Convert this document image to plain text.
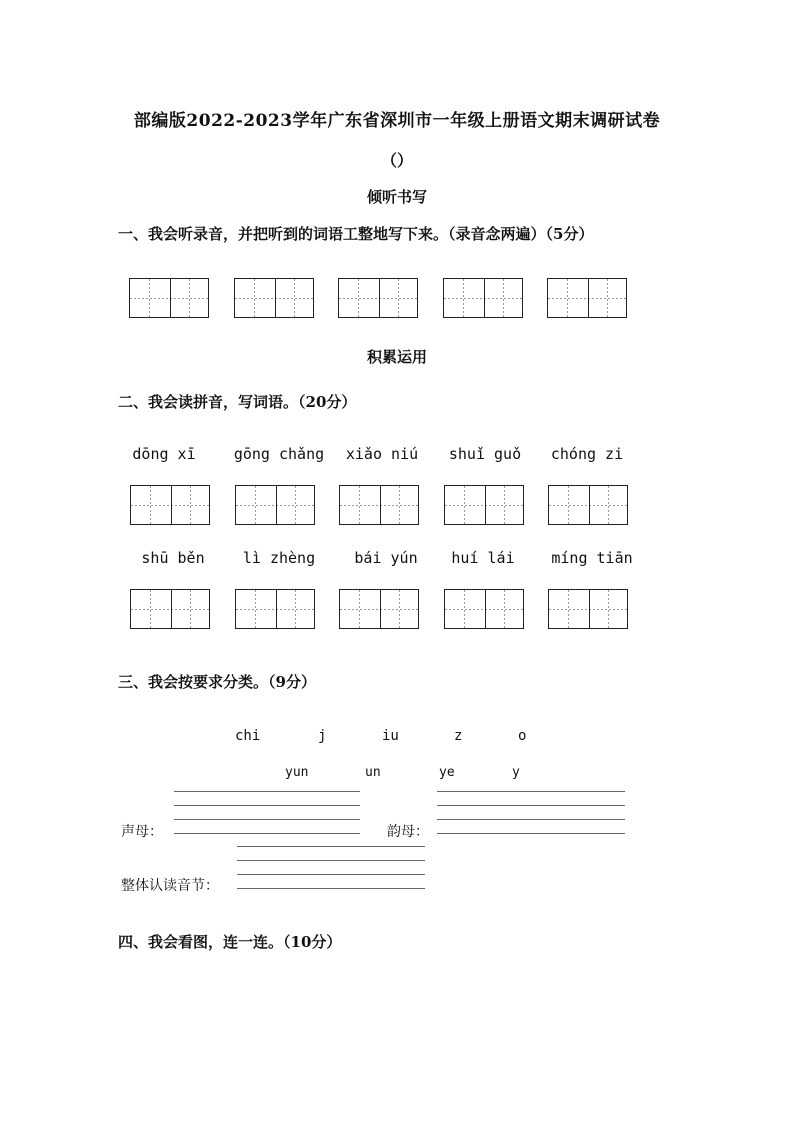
部编版2022-2023学年广东省深圳市一年级上册语文期末调研试卷
（）
倾听书写
一、我会听录音，并把听到的词语工整地写下来。（录音念两遍）（5分）
积累运用
二、我会读拼音，写词语。（20分）
dōng xī	gōng chǎng	xiǎo niú	shuǐ guǒ	chóng zi
shū běn	lì zhèng	bái yún	huí lái	míng tiān
三、我会按要求分类。（9分）
chi	j	iu	z	o
yun	un	ye	y
声母：	韵母：
整体认读音节：
四、我会看图，连一连。（10分）
